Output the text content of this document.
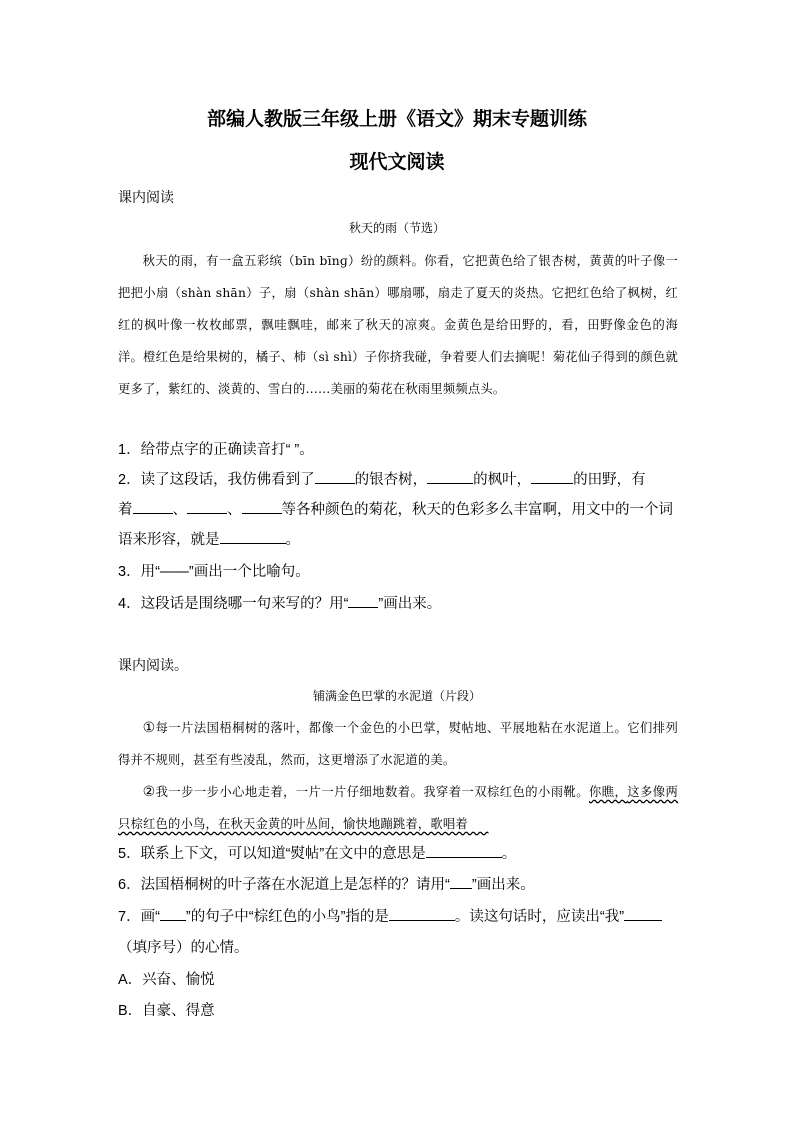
部编人教版三年级上册《语文》期末专题训练
现代文阅读
课内阅读
秋天的雨（节选）

秋天的雨，有一盒五彩缤（bīn bīnɡ）纷的颜料。你看，它把黄色给了银杏树，黄黄的叶子像一把把小扇（shàn shān）子，扇（shàn shān）哪扇哪，扇走了夏天的炎热。它把红色给了枫树，红红的枫叶像一枚枚邮票，飘哇飘哇，邮来了秋天的凉爽。金黄色是给田野的，看，田野像金色的海洋。橙红色是给果树的，橘子、柿（sì shì）子你挤我碰，争着要人们去摘呢！菊花仙子得到的颜色就更多了，紫红的、淡黄的、雪白的……美丽的菊花在秋雨里频频点头。

1．给带点字的正确读音打“ ”。
2．读了这段话，我仿佛看到了	的银杏树，	的枫叶，	的田野，有
着	、	、	等各种颜色的菊花，秋天的色彩多么丰富啊，用文中的一个词
语来形容，就是	。
3．用“——”画出一个比喻句。
4．这段话是围绕哪一句来写的？用“ ”画出来。
课内阅读。
铺满金色巴掌的水泥道（片段）

①每一片法国梧桐树的落叶，都像一个金色的小巴掌，熨帖地、平展地粘在水泥道上。它们排列得并不规则，甚至有些凌乱，然而，这更增添了水泥道的美。

②我一步一步小心地走着，一片一片仔细地数着。我穿着一双棕红色的小雨靴。你瞧，这多像两只棕红色的小鸟，在秋天金黄的叶丛间，愉快地蹦跳着，歌唱着

5．联系上下文，可以知道“熨帖”在文中的意思是	。
6．法国梧桐树的叶子落在水泥道上是怎样的？请用“ ”画出来。
7．画“ ”的句子中“棕红色的小鸟”指的是	。读这句话时，应读出“我”
（填序号）的心情。
A．兴奋、愉悦
B．自豪、得意
